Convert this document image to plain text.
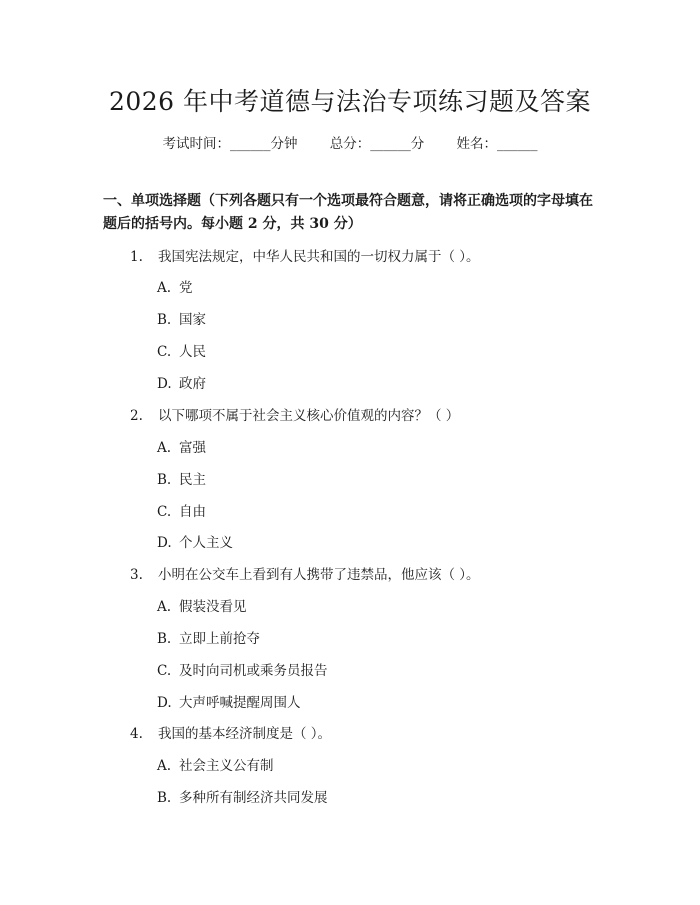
2026 年中考道德与法治专项练习题及答案
考试时间：______分钟 总分：______分 姓名：______
一、单项选择题（下列各题只有一个选项最符合题意，请将正确选项的字母填在题后的括号内。每小题 2 分，共 30 分）
1. 我国宪法规定，中华人民共和国的一切权力属于（ ）。
A. 党
B. 国家
C. 人民
D. 政府
2. 以下哪项不属于社会主义核心价值观的内容？（ ）
A. 富强
B. 民主
C. 自由
D. 个人主义
3. 小明在公交车上看到有人携带了违禁品，他应该（ ）。
A. 假装没看见
B. 立即上前抢夺
C. 及时向司机或乘务员报告
D. 大声呼喊提醒周围人
4. 我国的基本经济制度是（ ）。
A. 社会主义公有制
B. 多种所有制经济共同发展
